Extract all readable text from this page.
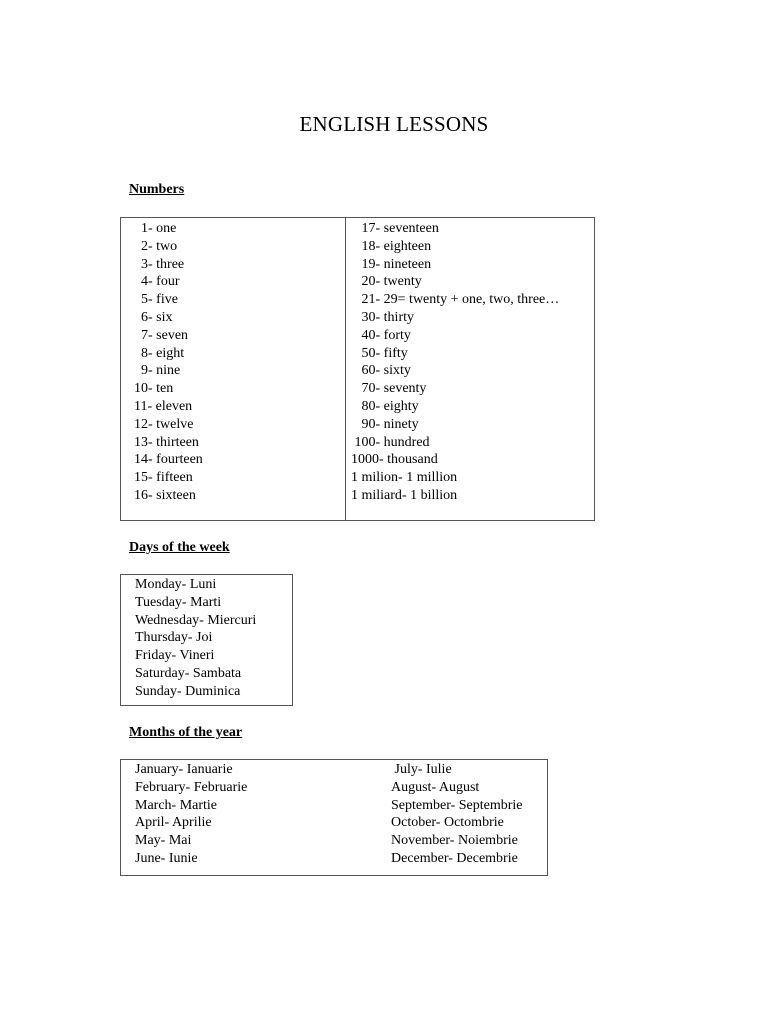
ENGLISH LESSONS
Numbers
1- one
2- two
3- three
4- four
5- five
6- six
7- seven
8- eight
9- nine
10- ten
11- eleven
12- twelve
13- thirteen
14- fourteen
15- fifteen
16- sixteen
17- seventeen
18- eighteen
19- nineteen
20- twenty
21- 29= twenty + one, two, three…
30- thirty
40- forty
50- fifty
60- sixty
70- seventy
80- eighty
90- ninety
100- hundred
1000- thousand
1 milion- 1 million
1 miliard- 1 billion
Days of the week
Monday- Luni
Tuesday- Marti
Wednesday- Miercuri
Thursday- Joi
Friday- Vineri
Saturday- Sambata
Sunday- Duminica
Months of the year
January- Ianuarie
February- Februarie
March- Martie
April- Aprilie
May- Mai
June- Iunie
July- Iulie
August- August
September- Septembrie
October- Octombrie
November- Noiembrie
December- Decembrie
